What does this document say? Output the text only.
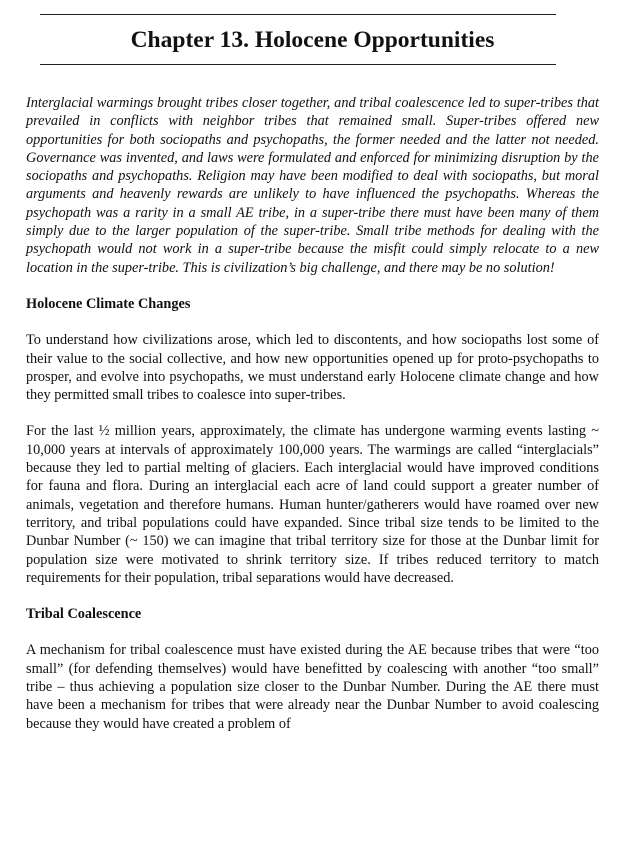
Chapter 13. Holocene Opportunities

Interglacial warmings brought tribes closer together, and tribal coalescence led to super-tribes that prevailed in conflicts with neighbor tribes that remained small. Super-tribes offered new opportunities for both sociopaths and psychopaths, the former needed and the latter not needed. Governance was invented, and laws were formulated and enforced for minimizing disruption by the sociopaths and psychopaths. Religion may have been modified to deal with sociopaths, but moral arguments and heavenly rewards are unlikely to have influenced the psychopaths. Whereas the psychopath was a rarity in a small AE tribe, in a super-tribe there must have been many of them simply due to the larger population of the super-tribe. Small tribe methods for dealing with the psychopath would not work in a super-tribe because the misfit could simply relocate to a new location in the super-tribe. This is civilization’s big challenge, and there may be no solution!

Holocene Climate Changes

To understand how civilizations arose, which led to discontents, and how sociopaths lost some of their value to the social collective, and how new opportunities opened up for proto-psychopaths to prosper, and evolve into psychopaths, we must understand early Holocene climate change and how they permitted small tribes to coalesce into super-tribes.

For the last ½ million years, approximately, the climate has undergone warming events lasting ~ 10,000 years at intervals of approximately 100,000 years. The warmings are called “interglacials” because they led to partial melting of glaciers. Each interglacial would have improved conditions for fauna and flora. During an interglacial each acre of land could support a greater number of animals, vegetation and therefore humans. Human hunter/gatherers would have roamed over new territory, and tribal populations could have expanded. Since tribal size tends to be limited to the Dunbar Number (~ 150) we can imagine that tribal territory size for those at the Dunbar limit for population size were motivated to shrink territory size. If tribes reduced territory to match requirements for their population, tribal separations would have decreased.

Tribal Coalescence

A mechanism for tribal coalescence must have existed during the AE because tribes that were “too small” (for defending themselves) would have benefitted by coalescing with another “too small” tribe – thus achieving a population size closer to the Dunbar Number. During the AE there must have been a mechanism for tribes that were already near the Dunbar Number to avoid coalescing because they would have created a problem of
